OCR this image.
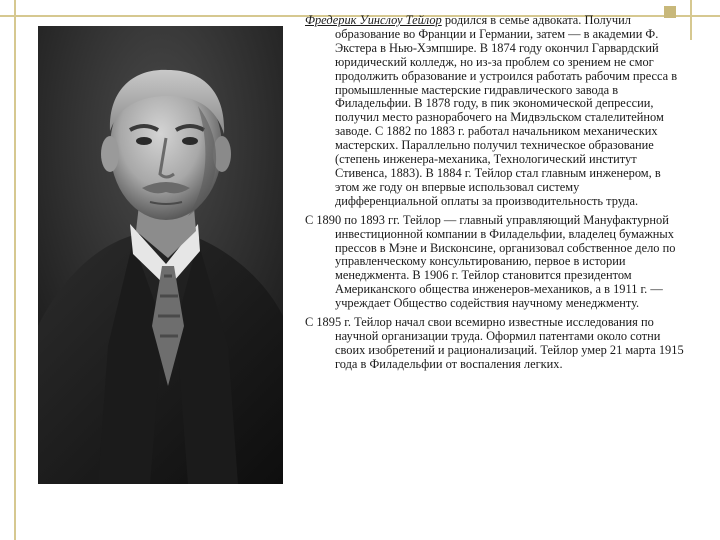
Фредерик Уинслоу Тейлор родился в семье адвоката. Получил образование во Франции и Германии, затем — в академии Ф. Экстера в Нью-Хэмпшире. В 1874 году окончил Гарвардский юридический колледж, но из-за проблем со зрением не смог продолжить образование и устроился работать рабочим пресса в промышленные мастерские гидравлического завода в Филадельфии. В 1878 году, в пик экономической депрессии, получил место разнорабочего на Мидвэльском сталелитейном заводе. С 1882 по 1883 г. работал начальником механических мастерских. Параллельно получил техническое образование (степень инженера-механика, Технологический институт Стивенса, 1883). В 1884 г. Тейлор стал главным инженером, в этом же году он впервые использовал систему дифференциальной оплаты за производительность труда.

С 1890 по 1893 гг. Тейлор — главный управляющий Мануфактурной инвестиционной компании в Филадельфии, владелец бумажных прессов в Мэне и Висконсине, организовал собственное дело по управленческому консультированию, первое в истории менеджмента. В 1906 г. Тейлор становится президентом Американского общества инженеров-механиков, а в 1911 г. — учреждает Общество содействия научному менеджменту.

С 1895 г. Тейлор начал свои всемирно известные исследования по научной организации труда. Оформил патентами около сотни своих изобретений и рационализаций. Тейлор умер 21 марта 1915 года в Филадельфии от воспаления легких.
